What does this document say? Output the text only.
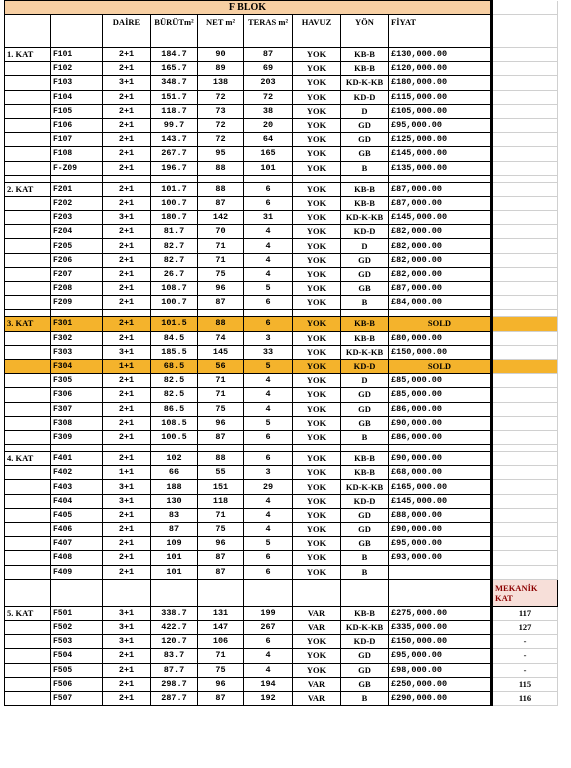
F BLOK									
		DAİRE	BÜRÜTm²	NET m²	TERAS m²	HAVUZ	YÖN	FİYAT	
1. KAT	F101	2+1	184.7	90	87	YOK	KB-B	£130,000.00	
	F102	2+1	165.7	89	69	YOK	KB-B	£120,000.00	
	F103	3+1	348.7	138	203	YOK	KD-K-KB	£180,000.00	
	F104	2+1	151.7	72	72	YOK	KD-D	£115,000.00	
	F105	2+1	118.7	73	38	YOK	D	£105,000.00	
	F106	2+1	99.7	72	20	YOK	GD	£95,000.00	
	F107	2+1	143.7	72	64	YOK	GD	£125,000.00	
	F108	2+1	267.7	95	165	YOK	GB	£145,000.00	
	F-Z09	2+1	196.7	88	101	YOK	B	£135,000.00	

2. KAT	F201	2+1	101.7	88	6	YOK	KB-B	£87,000.00	
	F202	2+1	100.7	87	6	YOK	KB-B	£87,000.00	
	F203	3+1	180.7	142	31	YOK	KD-K-KB	£145,000.00	
	F204	2+1	81.7	70	4	YOK	KD-D	£82,000.00	
	F205	2+1	82.7	71	4	YOK	D	£82,000.00	
	F206	2+1	82.7	71	4	YOK	GD	£82,000.00	
	F207	2+1	26.7	75	4	YOK	GD	£82,000.00	
	F208	2+1	108.7	96	5	YOK	GB	£87,000.00	
	F209	2+1	100.7	87	6	YOK	B	£84,000.00	

3. KAT	F301	2+1	101.5	88	6	YOK	KB-B	SOLD	
	F302	2+1	84.5	74	3	YOK	KB-B	£80,000.00	
	F303	3+1	185.5	145	33	YOK	KD-K-KB	£150,000.00	
	F304	1+1	68.5	56	5	YOK	KD-D	SOLD	
	F305	2+1	82.5	71	4	YOK	D	£85,000.00	
	F306	2+1	82.5	71	4	YOK	GD	£85,000.00	
	F307	2+1	86.5	75	4	YOK	GD	£86,000.00	
	F308	2+1	108.5	96	5	YOK	GB	£90,000.00	
	F309	2+1	100.5	87	6	YOK	B	£86,000.00	

4. KAT	F401	2+1	102	88	6	YOK	KB-B	£90,000.00	
	F402	1+1	66	55	3	YOK	KB-B	£68,000.00	
	F403	3+1	188	151	29	YOK	KD-K-KB	£165,000.00	
	F404	3+1	130	118	4	YOK	KD-D	£145,000.00	
	F405	2+1	83	71	4	YOK	GD	£88,000.00	
	F406	2+1	87	75	4	YOK	GD	£90,000.00	
	F407	2+1	109	96	5	YOK	GB	£95,000.00	
	F408	2+1	101	87	6	YOK	B	£93,000.00	
	F409	2+1	101	87	6	YOK	B		
									MEKANİK KAT
5. KAT	F501	3+1	338.7	131	199	VAR	KB-B	£275,000.00	117
	F502	3+1	422.7	147	267	VAR	KD-K-KB	£335,000.00	127
	F503	3+1	120.7	106	6	YOK	KD-D	£150,000.00	-
	F504	2+1	83.7	71	4	YOK	GD	£95,000.00	-
	F505	2+1	87.7	75	4	YOK	GD	£98,000.00	-
	F506	2+1	298.7	96	194	VAR	GB	£250,000.00	115
	F507	2+1	287.7	87	192	VAR	B	£290,000.00	116
